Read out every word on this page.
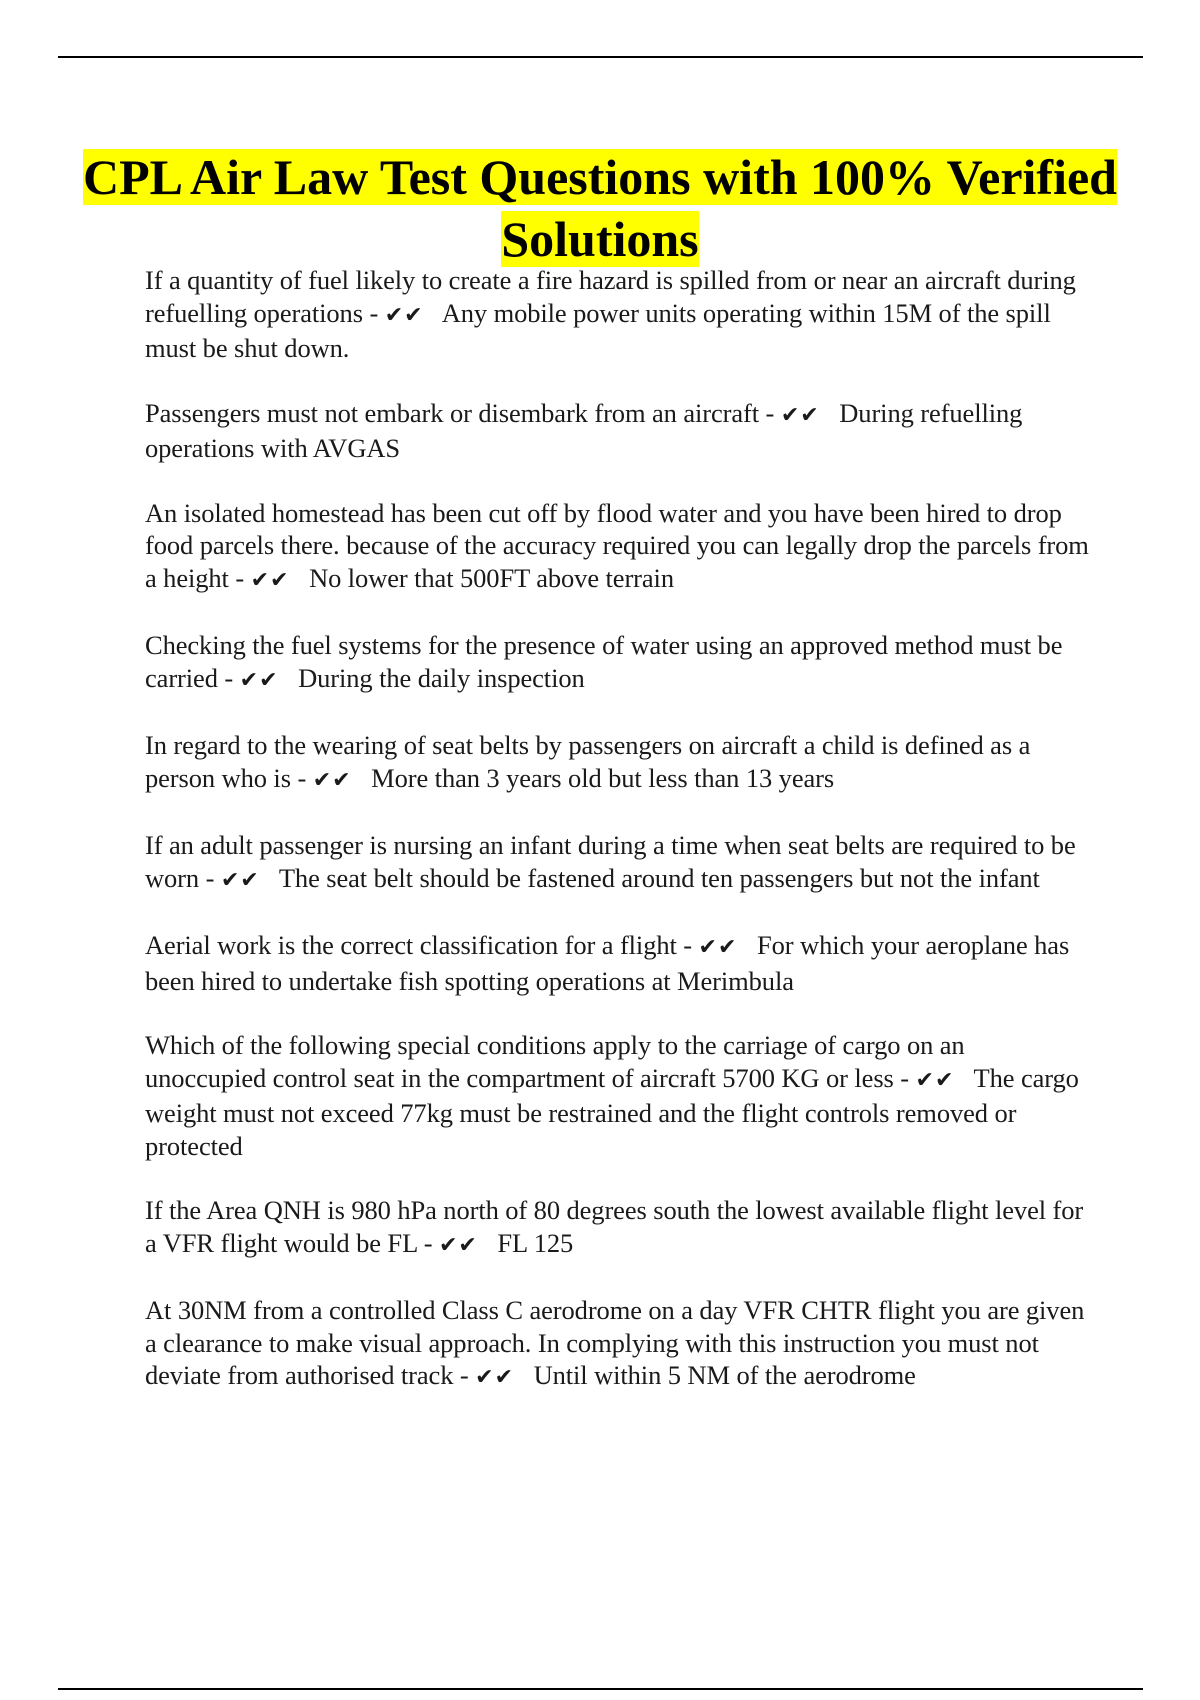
CPL Air Law Test Questions with 100% Verified Solutions
If a quantity of fuel likely to create a fire hazard is spilled from or near an aircraft during refuelling operations - ✔✔ Any mobile power units operating within 15M of the spill must be shut down.
Passengers must not embark or disembark from an aircraft - ✔✔ During refuelling operations with AVGAS
An isolated homestead has been cut off by flood water and you have been hired to drop food parcels there. because of the accuracy required you can legally drop the parcels from a height - ✔✔ No lower that 500FT above terrain
Checking the fuel systems for the presence of water using an approved method must be carried - ✔✔ During the daily inspection
In regard to the wearing of seat belts by passengers on aircraft a child is defined as a person who is - ✔✔ More than 3 years old but less than 13 years
If an adult passenger is nursing an infant during a time when seat belts are required to be worn - ✔✔ The seat belt should be fastened around ten passengers but not the infant
Aerial work is the correct classification for a flight - ✔✔ For which your aeroplane has been hired to undertake fish spotting operations at Merimbula
Which of the following special conditions apply to the carriage of cargo on an unoccupied control seat in the compartment of aircraft 5700 KG or less - ✔✔ The cargo weight must not exceed 77kg must be restrained and the flight controls removed or protected
If the Area QNH is 980 hPa north of 80 degrees south the lowest available flight level for a VFR flight would be FL - ✔✔ FL 125
At 30NM from a controlled Class C aerodrome on a day VFR CHTR flight you are given a clearance to make visual approach. In complying with this instruction you must not deviate from authorised track - ✔✔ Until within 5 NM of the aerodrome
